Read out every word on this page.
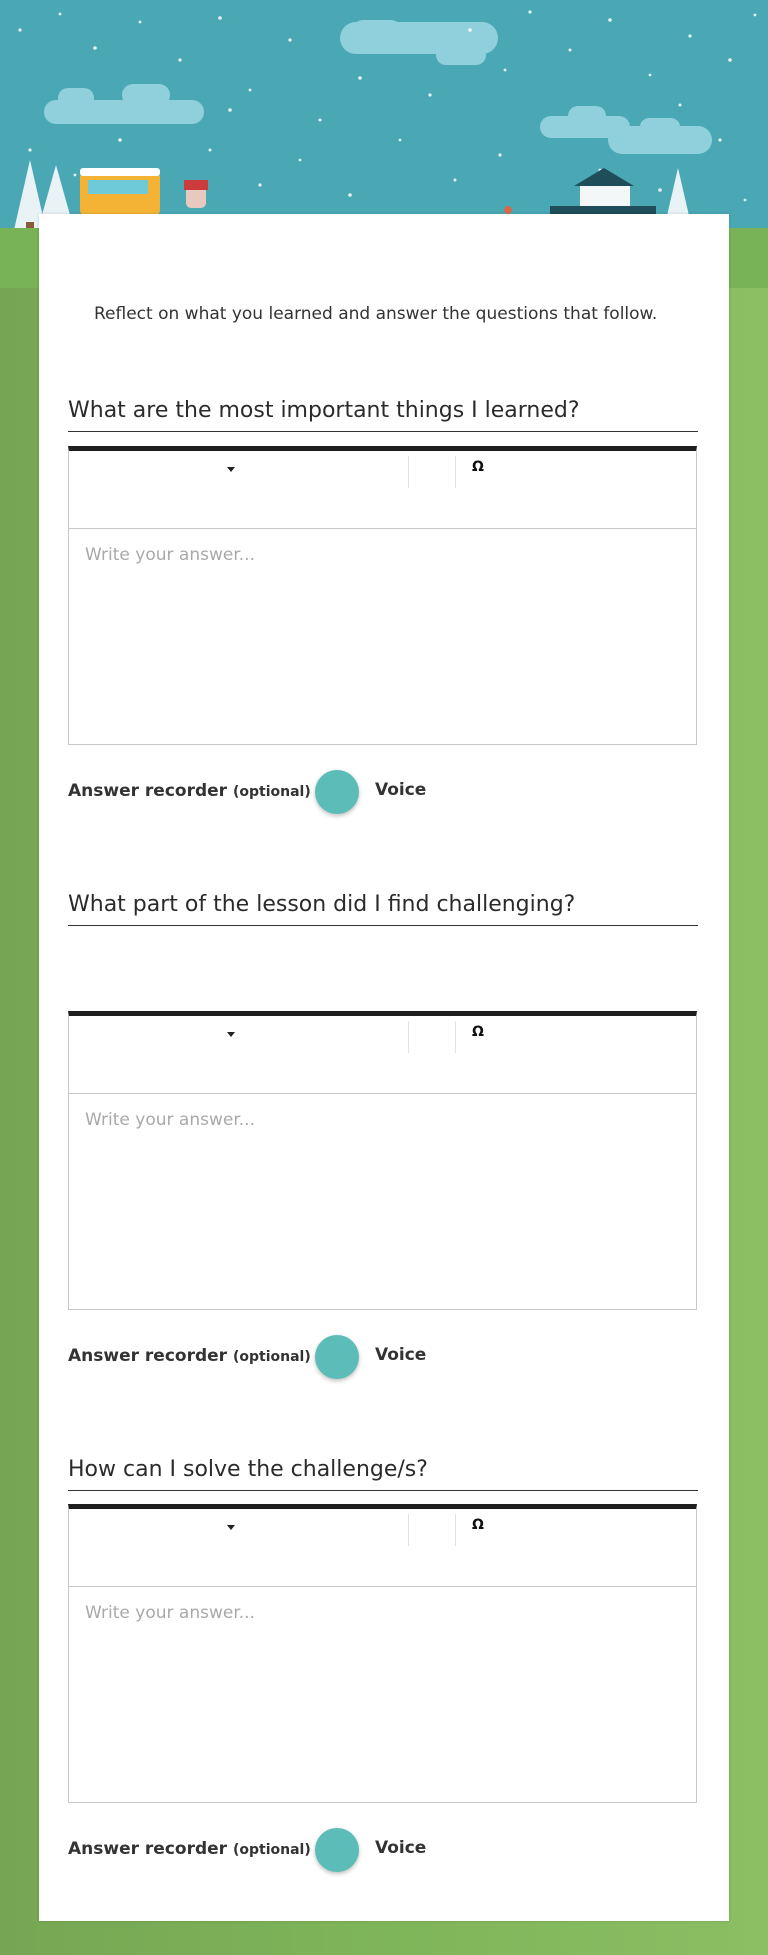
Reflect on what you learned and answer the questions that follow.
What are the most important things I learned?
Ω
Write your answer...
Answer recorder (optional)	Voice
What part of the lesson did I find challenging?
Ω
Write your answer...
Answer recorder (optional)	Voice
How can I solve the challenge/s?
Ω
Write your answer...
Answer recorder (optional)	Voice
